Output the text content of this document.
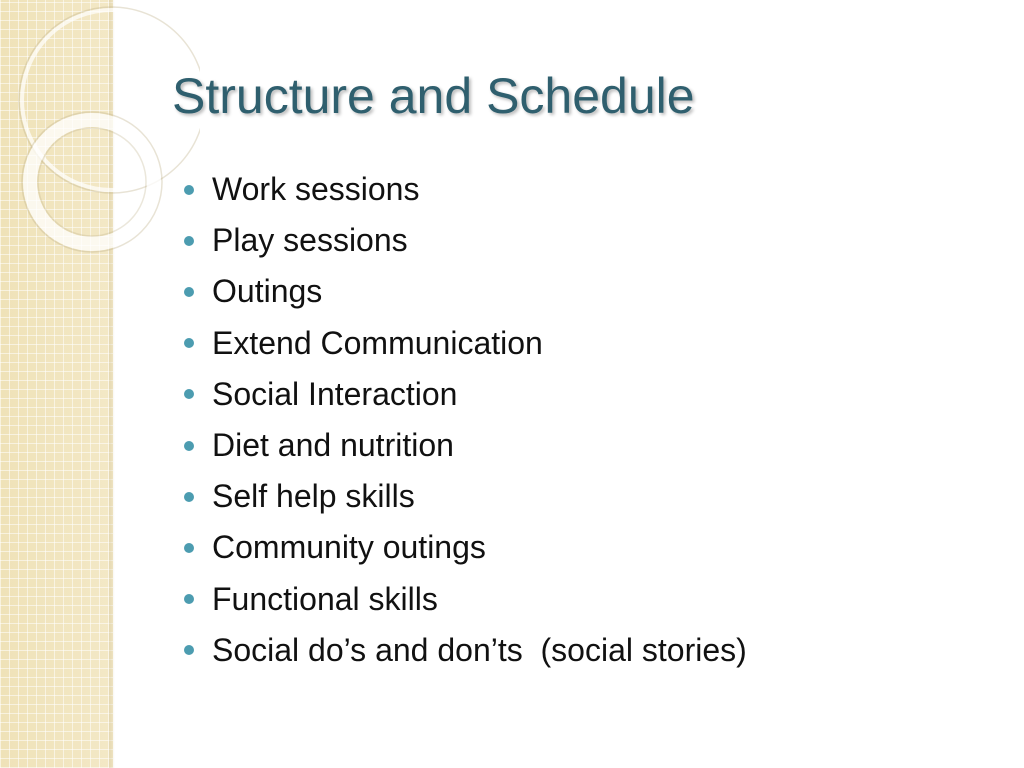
Structure and Schedule
Work sessions
Play sessions
Outings
Extend Communication
Social Interaction
Diet and nutrition
Self help skills
Community outings
Functional skills
Social do’s and don’ts  (social stories)
